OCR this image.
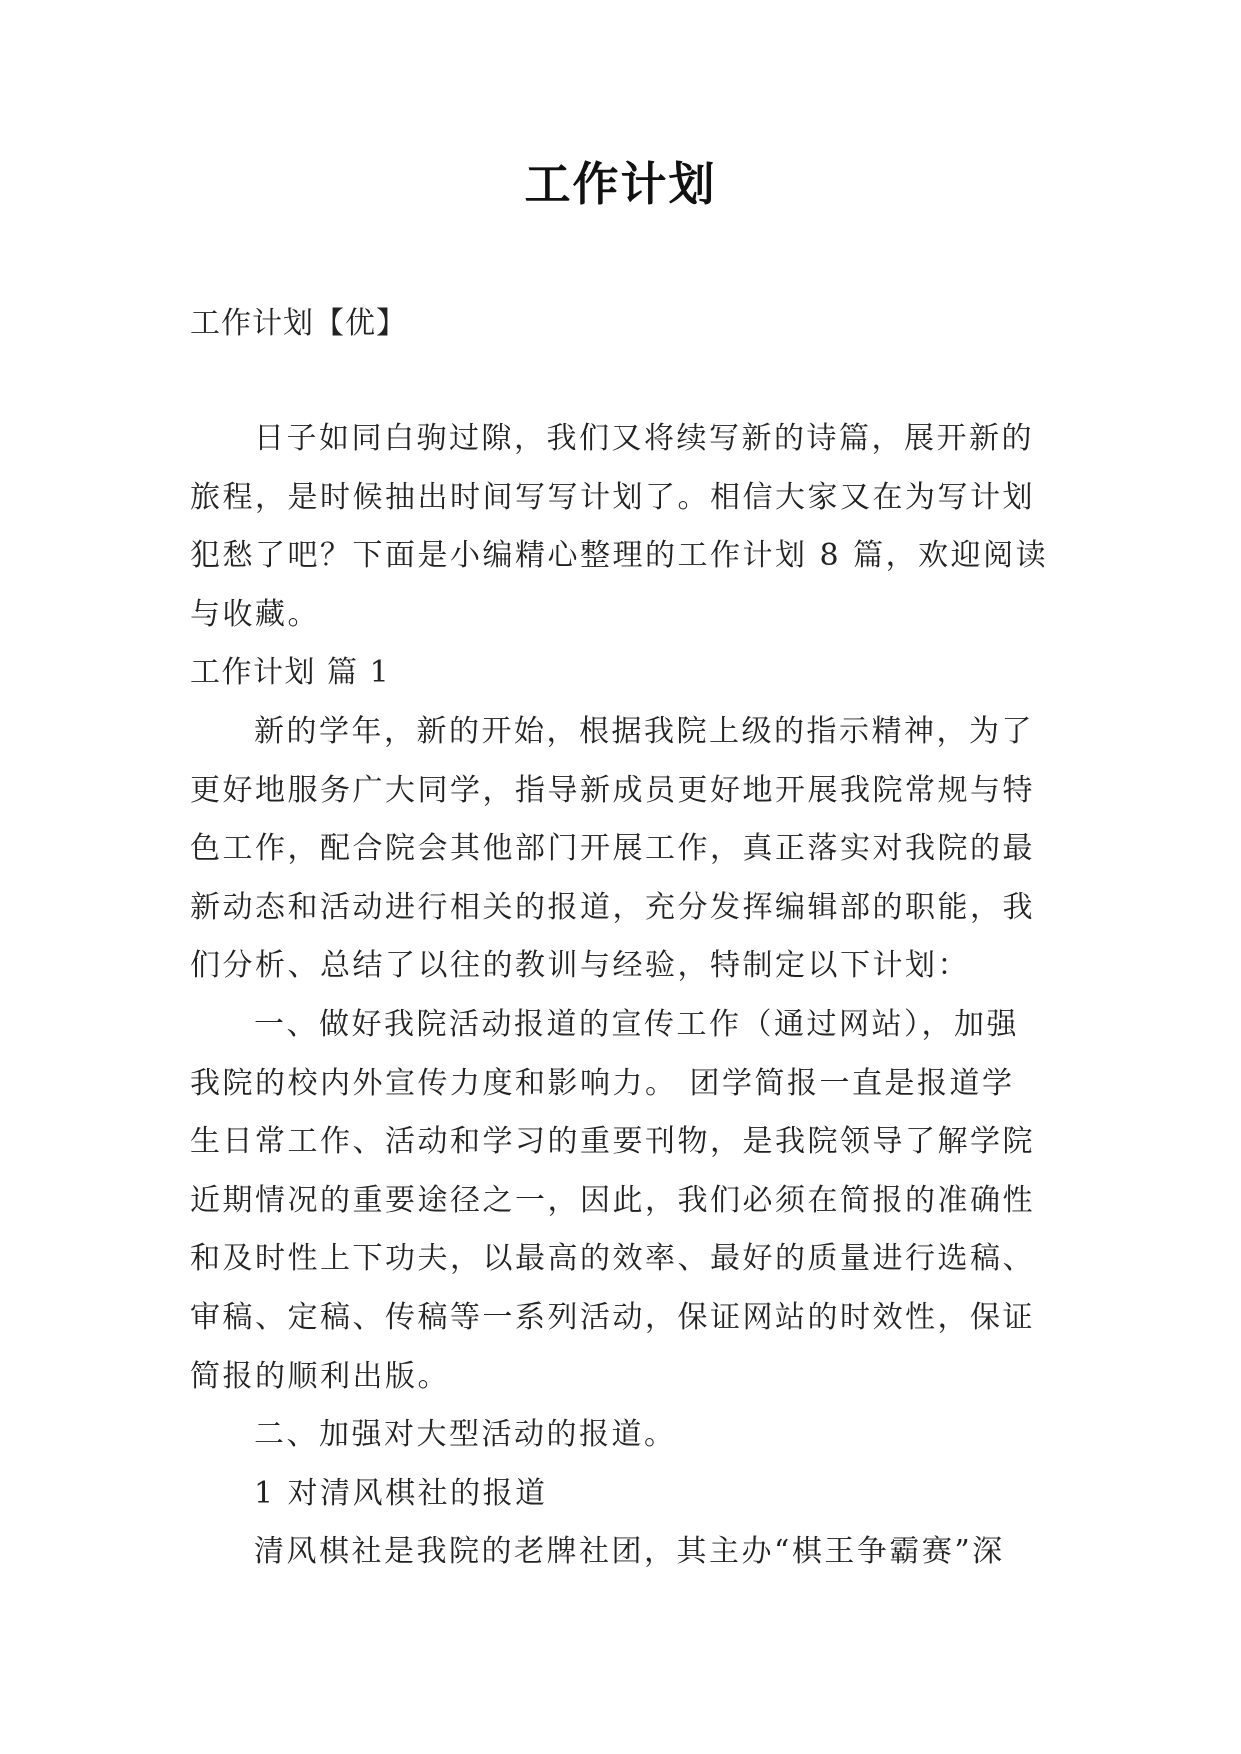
工作计划

工作计划【优】

日子如同白驹过隙，我们又将续写新的诗篇，展开新的
旅程，是时候抽出时间写写计划了。相信大家又在为写计划
犯愁了吧？下面是小编精心整理的工作计划 8 篇，欢迎阅读
与收藏。
工作计划 篇 1
新的学年，新的开始，根据我院上级的指示精神，为了
更好地服务广大同学，指导新成员更好地开展我院常规与特
色工作，配合院会其他部门开展工作，真正落实对我院的最
新动态和活动进行相关的报道，充分发挥编辑部的职能，我
们分析、总结了以往的教训与经验，特制定以下计划：
一、做好我院活动报道的宣传工作（通过网站），加强
我院的校内外宣传力度和影响力。 团学简报一直是报道学
生日常工作、活动和学习的重要刊物，是我院领导了解学院
近期情况的重要途径之一，因此，我们必须在简报的准确性
和及时性上下功夫，以最高的效率、最好的质量进行选稿、
审稿、定稿、传稿等一系列活动，保证网站的时效性，保证
简报的顺利出版。
二、加强对大型活动的报道。
1 对清风棋社的报道
清风棋社是我院的老牌社团，其主办“棋王争霸赛”深
